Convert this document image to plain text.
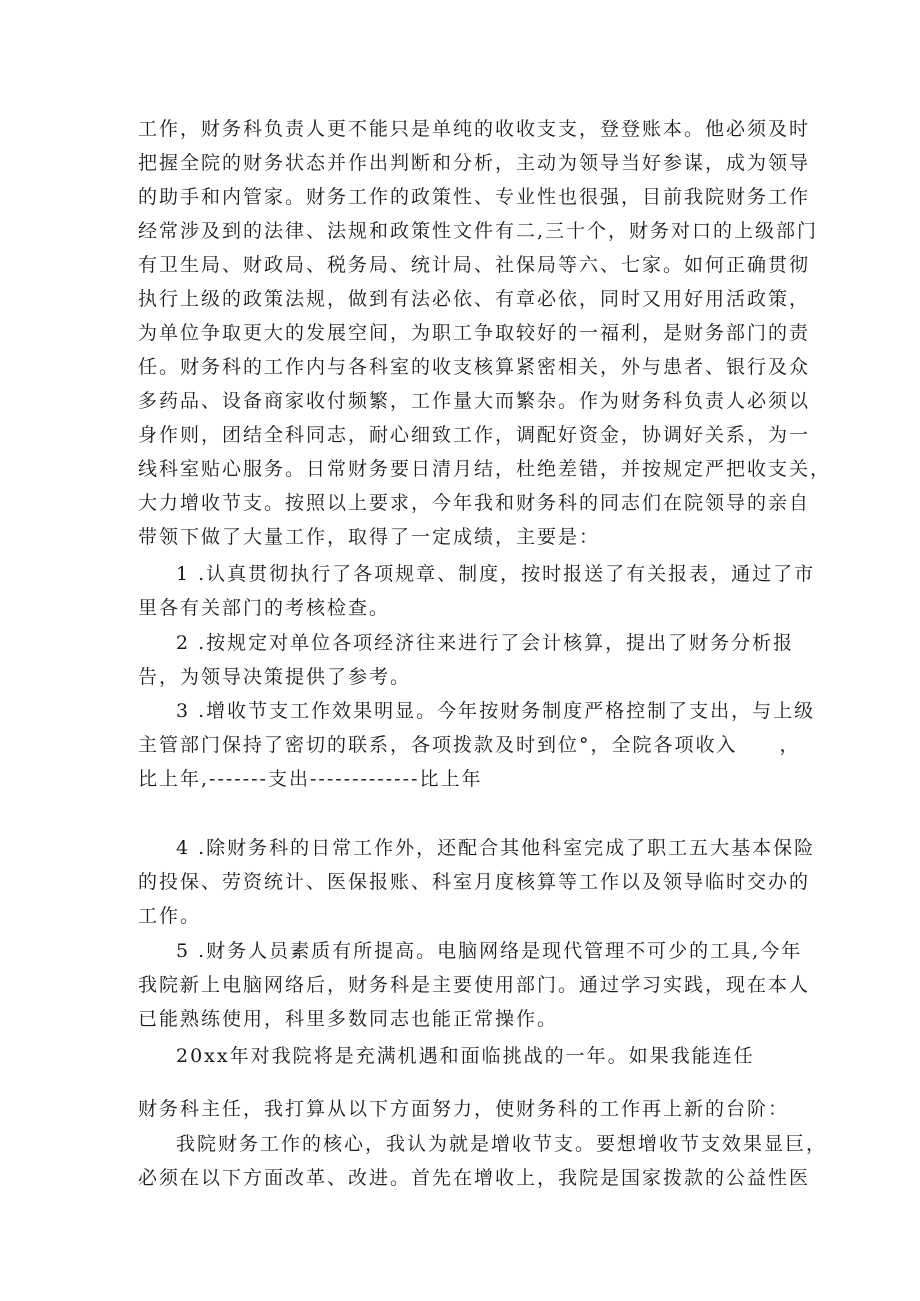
工作，财务科负责人更不能只是单纯的收收支支，登登账本。他必须及时
把握全院的财务状态并作出判断和分析，主动为领导当好参谋，成为领导
的助手和内管家。财务工作的政策性、专业性也很强，目前我院财务工作
经常涉及到的法律、法规和政策性文件有二,三十个，财务对口的上级部门
有卫生局、财政局、税务局、统计局、社保局等六、七家。如何正确贯彻
执行上级的政策法规，做到有法必依、有章必依，同时又用好用活政策，
为单位争取更大的发展空间，为职工争取较好的一福利，是财务部门的责
任。财务科的工作内与各科室的收支核算紧密相关，外与患者、银行及众
多药品、设备商家收付频繁，工作量大而繁杂。作为财务科负责人必须以
身作则，团结全科同志，耐心细致工作，调配好资金，协调好关系，为一
线科室贴心服务。日常财务要日清月结，杜绝差错，并按规定严把收支关，
大力增收节支。按照以上要求，今年我和财务科的同志们在院领导的亲自
带领下做了大量工作，取得了一定成绩，主要是：
1 .认真贯彻执行了各项规章、制度，按时报送了有关报表，通过了市
里各有关部门的考核检查。
2 .按规定对单位各项经济往来进行了会计核算，提出了财务分析报
告，为领导决策提供了参考。
3 .增收节支工作效果明显。今年按财务制度严格控制了支出，与上级
主管部门保持了密切的联系，各项拨款及时到位°，全院各项收入　　，
比上年,-------支出-------------比上年
4 .除财务科的日常工作外，还配合其他科室完成了职工五大基本保险
的投保、劳资统计、医保报账、科室月度核算等工作以及领导临时交办的
工作。
5 .财务人员素质有所提高。电脑网络是现代管理不可少的工具,今年
我院新上电脑网络后，财务科是主要使用部门。通过学习实践，现在本人
已能熟练使用，科里多数同志也能正常操作。
20xx年对我院将是充满机遇和面临挑战的一年。如果我能连任
财务科主任，我打算从以下方面努力，使财务科的工作再上新的台阶：
我院财务工作的核心，我认为就是增收节支。要想增收节支效果显巨，
必须在以下方面改革、改进。首先在增收上，我院是国家拨款的公益性医
